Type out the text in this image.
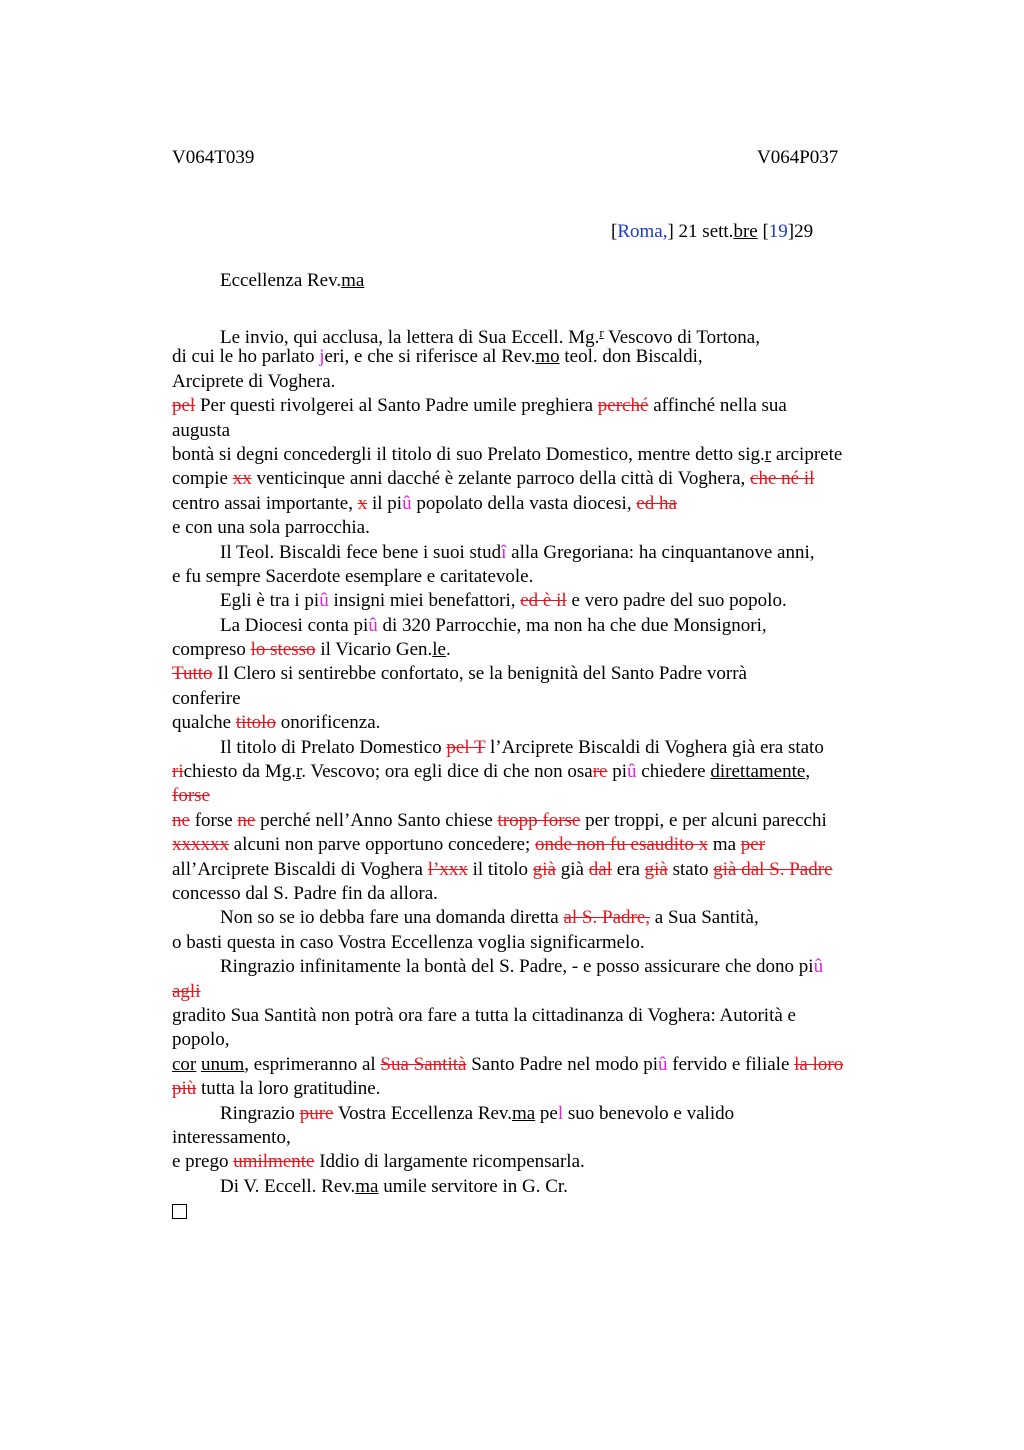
V064T039	V064P037
[Roma,] 21 sett.bre [19]29
Eccellenza Rev.ma
Le invio, qui acclusa, la lettera di Sua Eccell. Mg.$^r$ Vescovo di Tortona,
di cui le ho parlato jeri, e che si riferisce al Rev.mo teol. don Biscaldi,
Arciprete di Voghera.
pel Per questi rivolgerei al Santo Padre umile preghiera perché affinché nella sua
augusta
bontà si degni concedergli il titolo di suo Prelato Domestico, mentre detto sig.r arciprete
compie xx venticinque anni dacché è zelante parroco della città di Voghera, che né il
centro assai importante, x il piû popolato della vasta diocesi, ed ha
e con una sola parrocchia.
Il Teol. Biscaldi fece bene i suoi studî alla Gregoriana: ha cinquantanove anni,
e fu sempre Sacerdote esemplare e caritatevole.
Egli è tra i piû insigni miei benefattori, ed è il e vero padre del suo popolo.
La Diocesi conta piû di 320 Parrocchie, ma non ha che due Monsignori,
compreso lo stesso il Vicario Gen.le.
Tutto Il Clero si sentirebbe confortato, se la benignità del Santo Padre vorrà
conferire
qualche titolo onorificenza.
Il titolo di Prelato Domestico pel T l’Arciprete Biscaldi di Voghera già era stato
richiesto da Mg.r. Vescovo; ora egli dice di che non osare piû chiedere direttamente,
forse
ne forse ne perché nell’Anno Santo chiese tropp forse per troppi, e per alcuni parecchi
xxxxxx alcuni non parve opportuno concedere; onde non fu esaudito x ma per
all’Arciprete Biscaldi di Voghera l’xxx il titolo già già dal era già stato già dal S. Padre
concesso dal S. Padre fin da allora.
Non so se io debba fare una domanda diretta al S. Padre, a Sua Santità,
o basti questa in caso Vostra Eccellenza voglia significarmelo.
Ringrazio infinitamente la bontà del S. Padre, - e posso assicurare che dono piû
agli
gradito Sua Santità non potrà ora fare a tutta la cittadinanza di Voghera: Autorità e
popolo,
cor unum, esprimeranno al Sua Santità Santo Padre nel modo piû fervido e filiale la loro
più tutta la loro gratitudine.
Ringrazio pure Vostra Eccellenza Rev.ma pel suo benevolo e valido
interessamento,
e prego umilmente Iddio di largamente ricompensarla.
Di V. Eccell. Rev.ma umile servitore in G. Cr.
